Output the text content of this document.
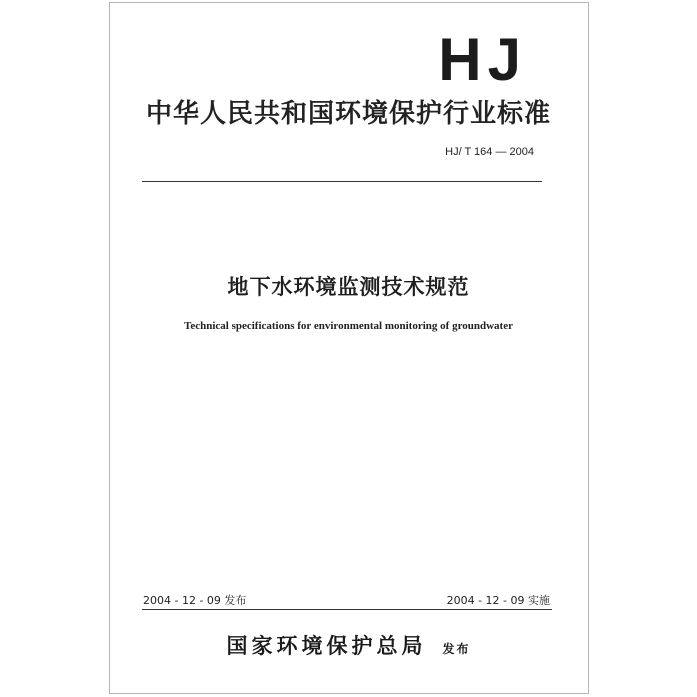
HJ
中华人民共和国环境保护行业标准
HJ/ T 164 — 2004
地下水环境监测技术规范
Technical specifications for environmental monitoring of groundwater
2004 - 12 - 09 发布	2004 - 12 - 09 实施
国家环境保护总局 发布
